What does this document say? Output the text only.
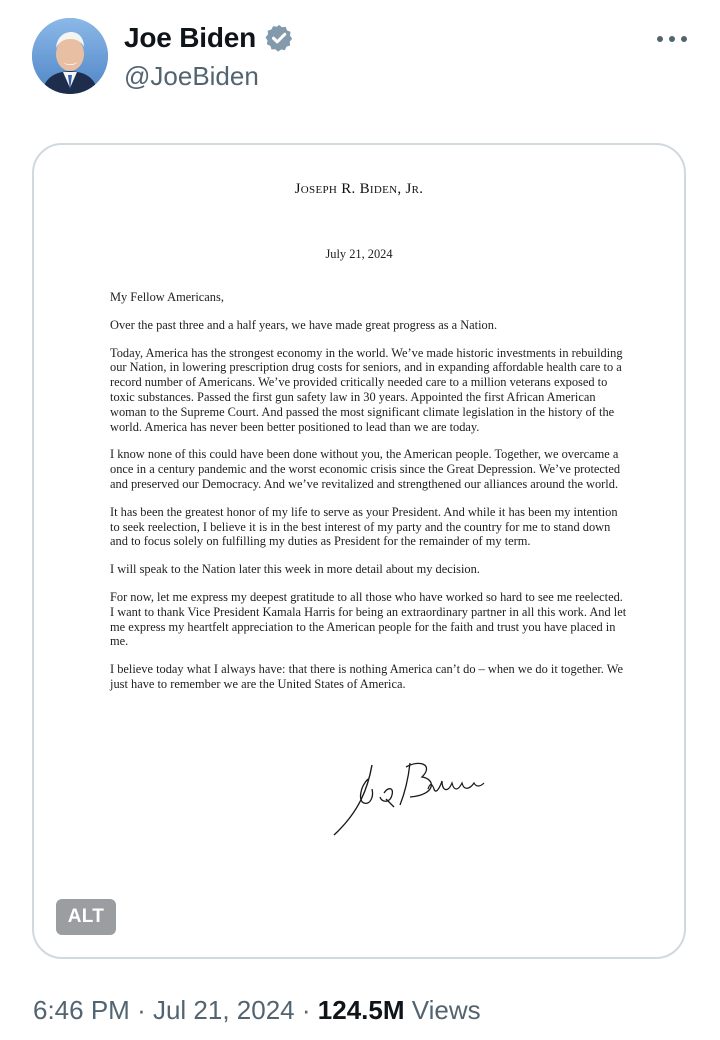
Joe Biden
@JoeBiden
Joseph R. Biden, Jr.
July 21, 2024

My Fellow Americans,

Over the past three and a half years, we have made great progress as a Nation.

Today, America has the strongest economy in the world. We’ve made historic investments in rebuilding our Nation, in lowering prescription drug costs for seniors, and in expanding affordable health care to a record number of Americans. We’ve provided critically needed care to a million veterans exposed to toxic substances. Passed the first gun safety law in 30 years. Appointed the first African American woman to the Supreme Court. And passed the most significant climate legislation in the history of the world. America has never been better positioned to lead than we are today.

I know none of this could have been done without you, the American people. Together, we overcame a once in a century pandemic and the worst economic crisis since the Great Depression. We’ve protected and preserved our Democracy. And we’ve revitalized and strengthened our alliances around the world.

It has been the greatest honor of my life to serve as your President. And while it has been my intention to seek reelection, I believe it is in the best interest of my party and the country for me to stand down and to focus solely on fulfilling my duties as President for the remainder of my term.

I will speak to the Nation later this week in more detail about my decision.

For now, let me express my deepest gratitude to all those who have worked so hard to see me reelected. I want to thank Vice President Kamala Harris for being an extraordinary partner in all this work. And let me express my heartfelt appreciation to the American people for the faith and trust you have placed in me.

I believe today what I always have: that there is nothing America can’t do – when we do it together. We just have to remember we are the United States of America.

ALT
6:46 PM · Jul 21, 2024 · 124.5M Views
